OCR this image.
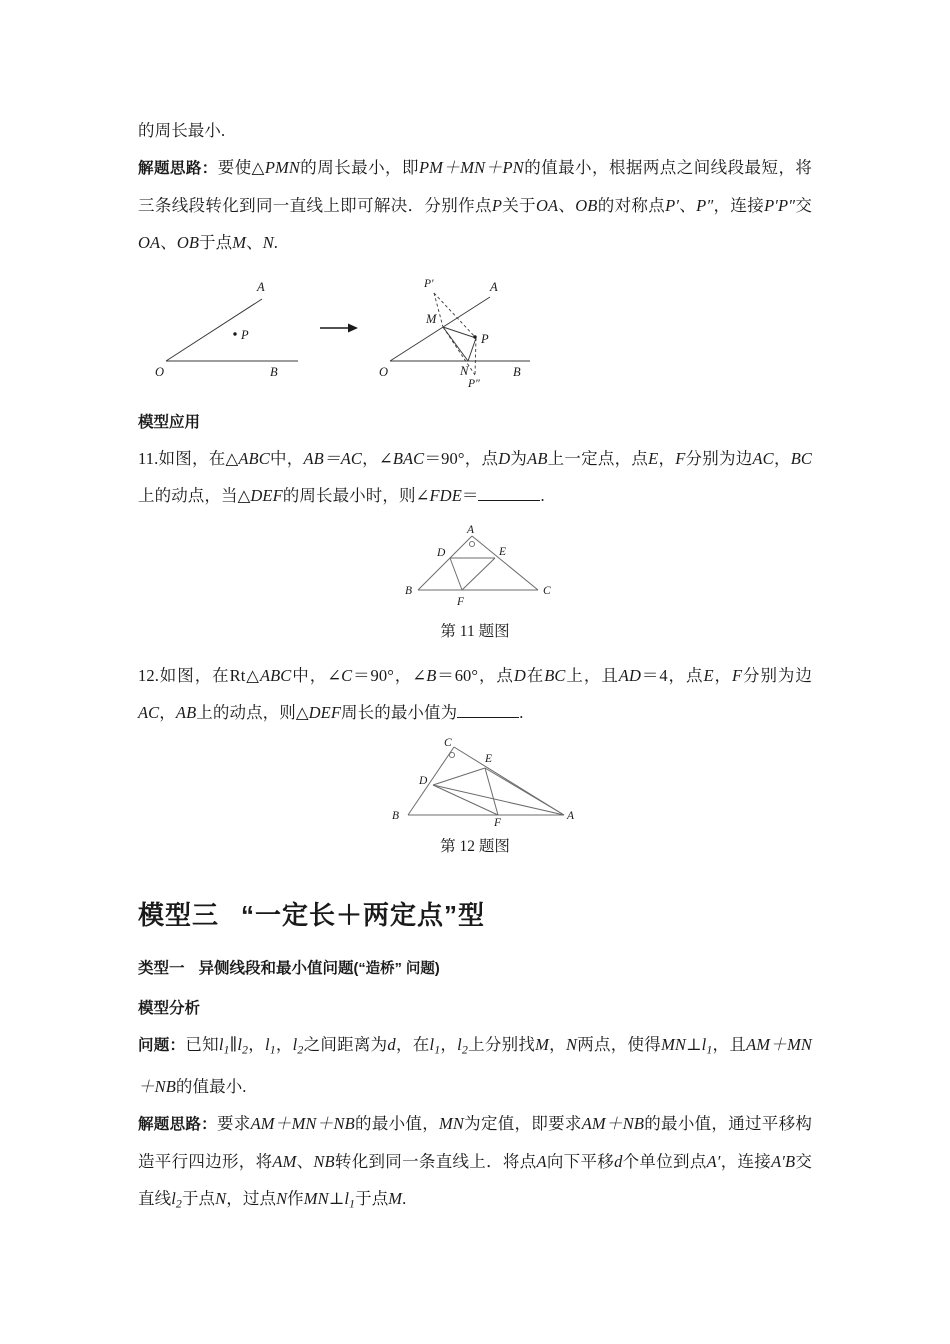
的周长最小.

解题思路：要使△PMN的周长最小，即PM＋MN＋PN的值最小，根据两点之间线段最短，将三条线段转化到同一直线上即可解决．分别作点P关于OA、OB的对称点P′、P″，连接P′P″交OA、OB于点M、N.

A
B
O
P
A
B
O
P
M
N
P′
P″

模型应用

11.如图，在△ABC中，AB＝AC，∠BAC＝90°，点D为AB上一定点，点E，F分别为边AC，BC上的动点，当△DEF的周长最小时，则∠FDE＝	.

A
B	C
D	E
F

第 11 题图

12.如图，在Rt△ABC中，∠C＝90°，∠B＝60°，点D在BC上，且AD＝4，点E，F分别为边AC，AB上的动点，则△DEF周长的最小值为	.

C
B	A
D
E
F

第 12 题图

模型三 “一定长＋两定点”型
类型一 异侧线段和最小值问题(“造桥” 问题)

模型分析

问题：已知$l_1\parallel l_2$，$l_1$，$l_2$之间距离为d，在$l_1$，$l_2$上分别找M，N两点，使得$MN\perp l_1$，且AM＋MN＋NB的值最小.

解题思路：要求AM＋MN＋NB的最小值，MN为定值，即要求AM＋NB的最小值，通过平移构造平行四边形，将AM、NB转化到同一条直线上．将点A向下平移d个单位到点A′，连接A′B交直线$l_2$于点N，过点N作$MN\perp l_1$于点M.
